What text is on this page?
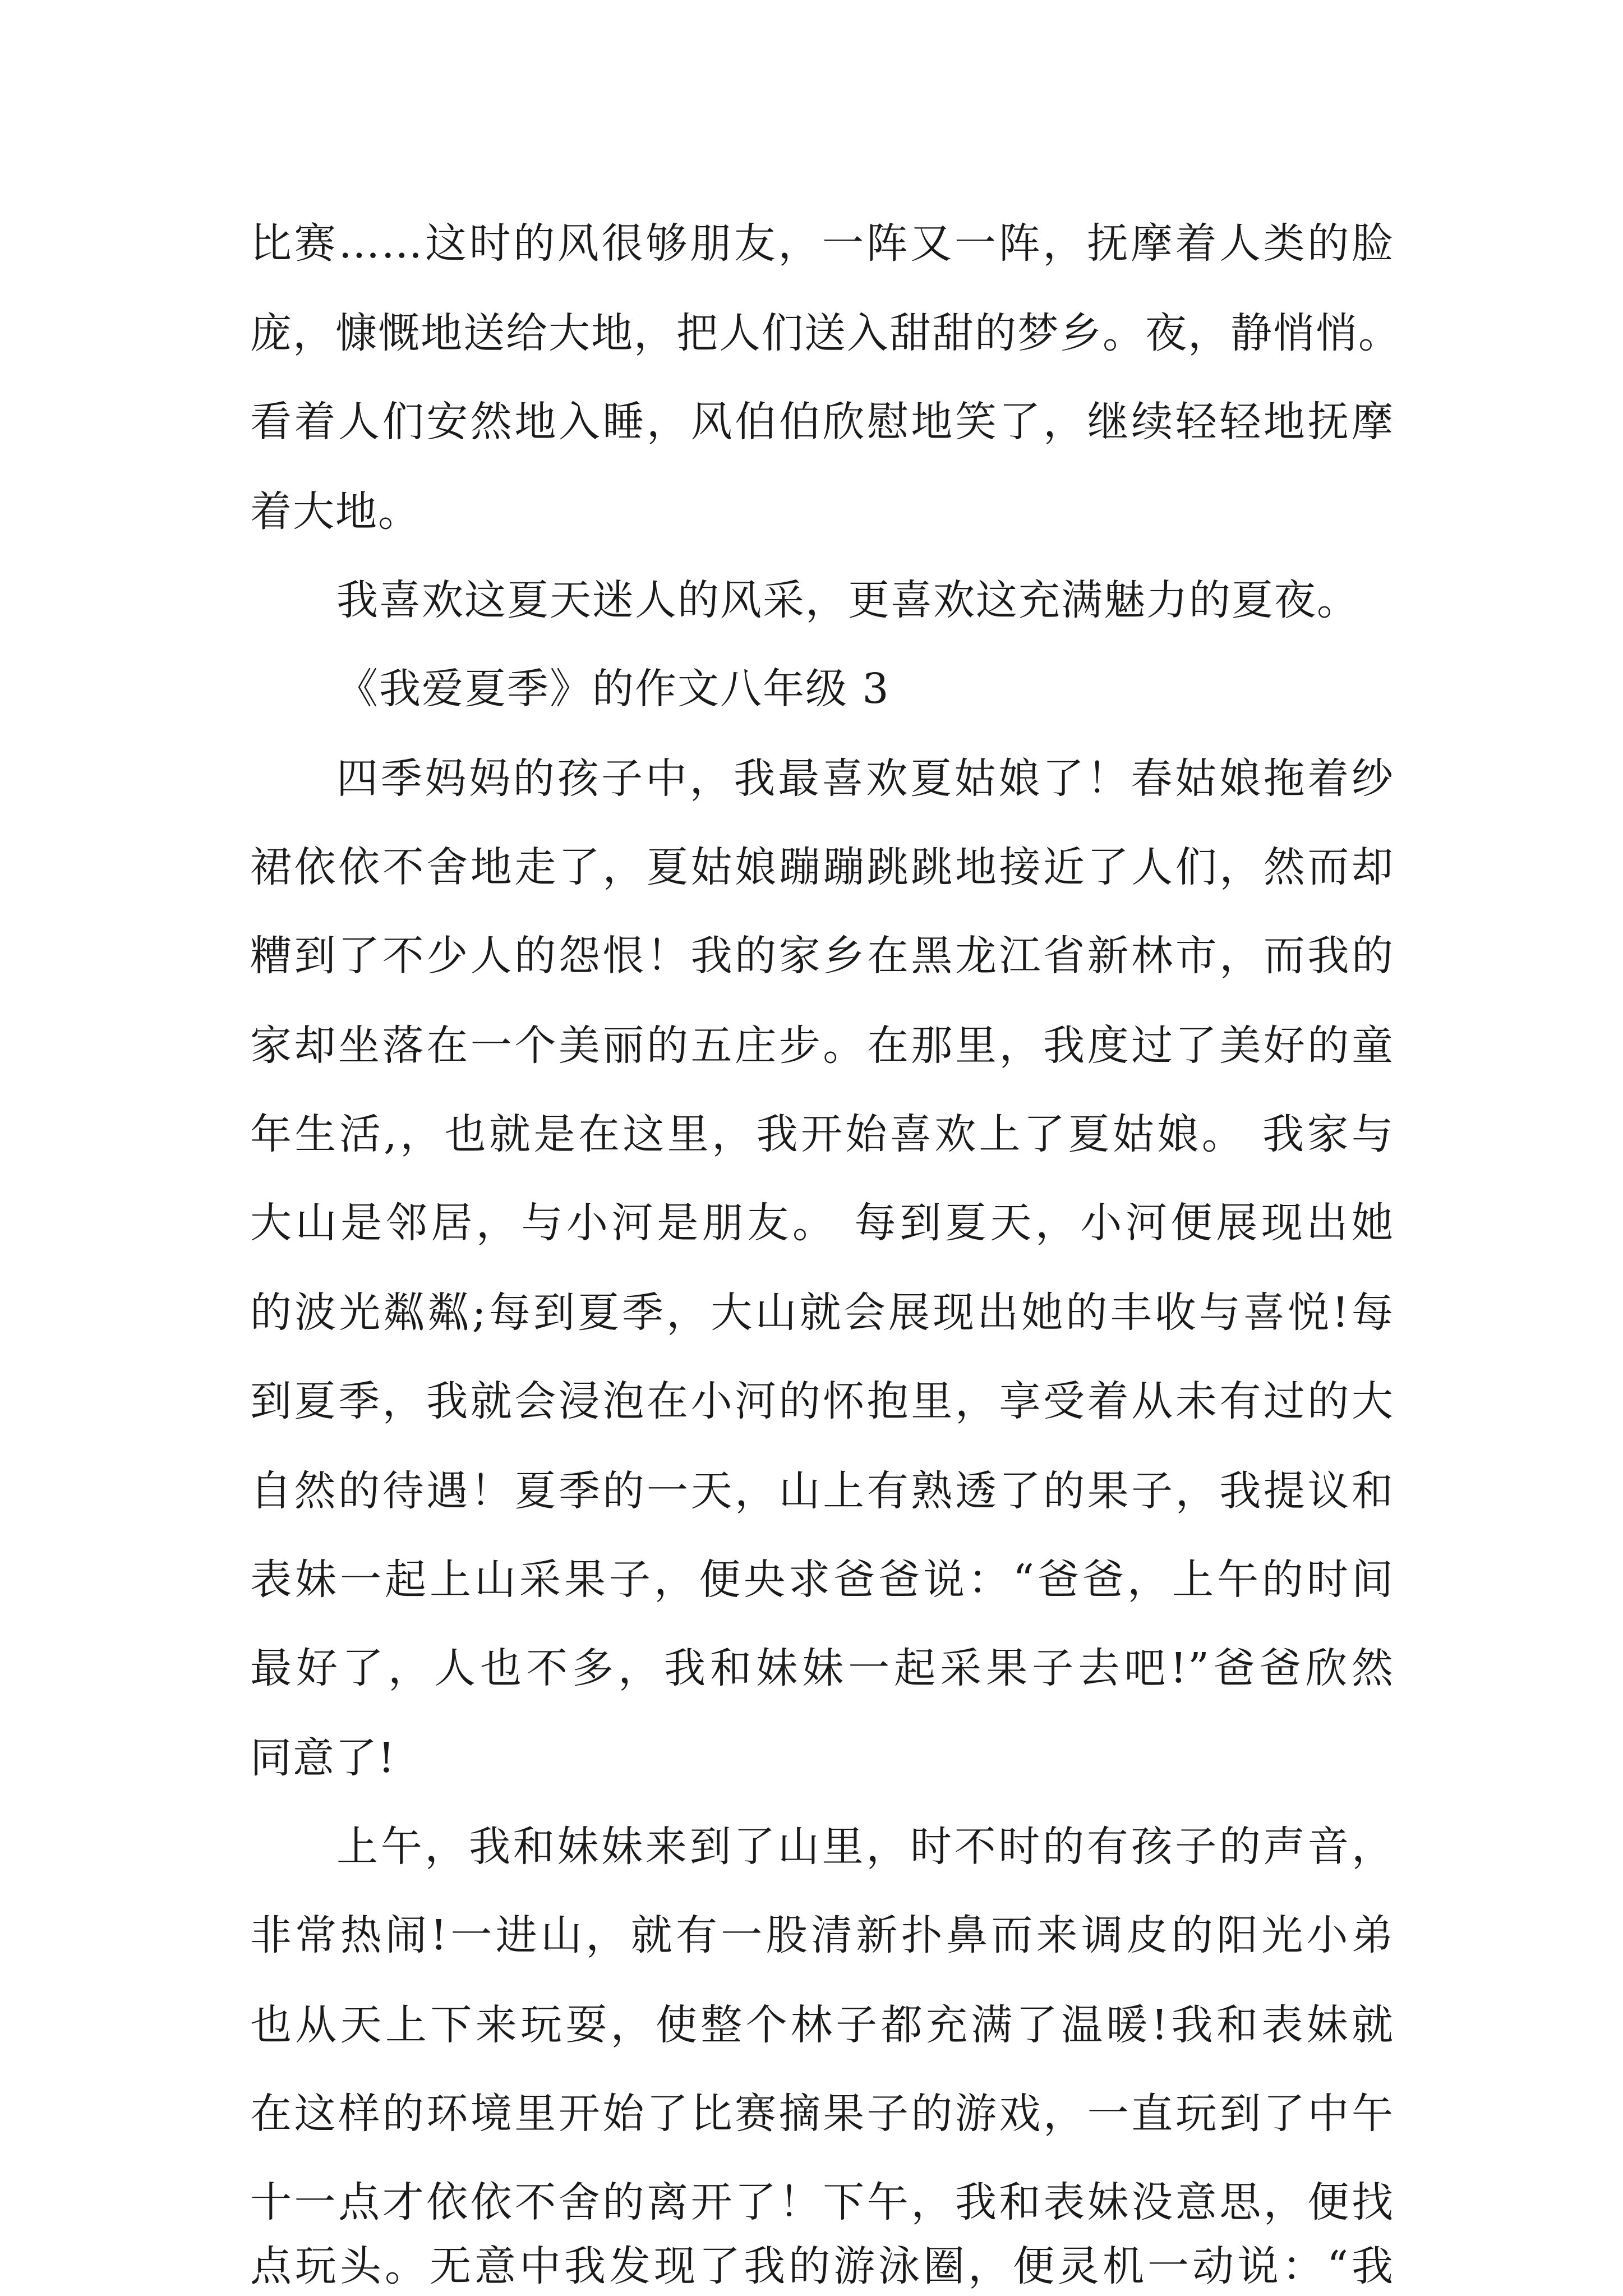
比赛……这时的风很够朋友，一阵又一阵，抚摩着人类的脸
庞，慷慨地送给大地，把人们送入甜甜的梦乡。夜，静悄悄。
看着人们安然地入睡，风伯伯欣慰地笑了，继续轻轻地抚摩
着大地。
我喜欢这夏天迷人的风采，更喜欢这充满魅力的夏夜。
《我爱夏季》的作文八年级 3
四季妈妈的孩子中，我最喜欢夏姑娘了！春姑娘拖着纱
裙依依不舍地走了，夏姑娘蹦蹦跳跳地接近了人们，然而却
糟到了不少人的怨恨！我的家乡在黑龙江省新林市，而我的
家却坐落在一个美丽的五庄步。在那里，我度过了美好的童
年生活,，也就是在这里，我开始喜欢上了夏姑娘。 我家与
大山是邻居，与小河是朋友。 每到夏天，小河便展现出她
的波光粼粼;每到夏季，大山就会展现出她的丰收与喜悦!每
到夏季，我就会浸泡在小河的怀抱里，享受着从未有过的大
自然的待遇！夏季的一天，山上有熟透了的果子，我提议和
表妹一起上山采果子，便央求爸爸说：“爸爸，上午的时间
最好了，人也不多，我和妹妹一起采果子去吧!”爸爸欣然
同意了!
上午，我和妹妹来到了山里，时不时的有孩子的声音，
非常热闹!一进山，就有一股清新扑鼻而来调皮的阳光小弟
也从天上下来玩耍，使整个林子都充满了温暖!我和表妹就
在这样的环境里开始了比赛摘果子的游戏，一直玩到了中午
十一点才依依不舍的离开了！下午，我和表妹没意思，便找
点玩头。无意中我发现了我的游泳圈，便灵机一动说：“我
